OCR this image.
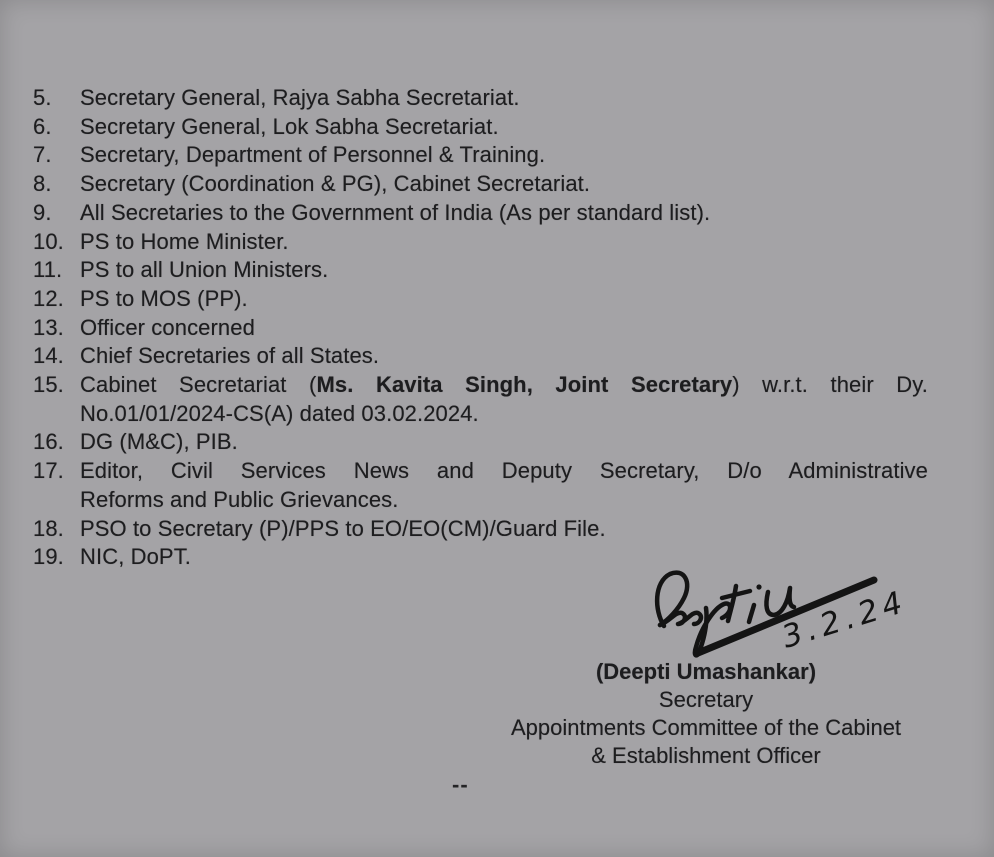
5.	Secretary General, Rajya Sabha Secretariat.
6.	Secretary General, Lok Sabha Secretariat.
7.	Secretary, Department of Personnel & Training.
8.	Secretary (Coordination & PG), Cabinet Secretariat.
9.	All Secretaries to the Government of India (As per standard list).
10. PS to Home Minister.
11. PS to all Union Ministers.
12. PS to MOS (PP).
13. Officer concerned
14. Chief Secretaries of all States.
15. Cabinet Secretariat (Ms. Kavita Singh, Joint Secretary) w.r.t. their Dy.
No.01/01/2024-CS(A) dated 03.02.2024.
16. DG (M&C), PIB.
17. Editor, Civil Services News and Deputy Secretary, D/o Administrative
Reforms and Public Grievances.
18. PSO to Secretary (P)/PPS to EO/EO(CM)/Guard File.
19. NIC, DoPT.
3.2.24
(Deepti Umashankar)
Secretary
Appointments Committee of the Cabinet
& Establishment Officer
--
